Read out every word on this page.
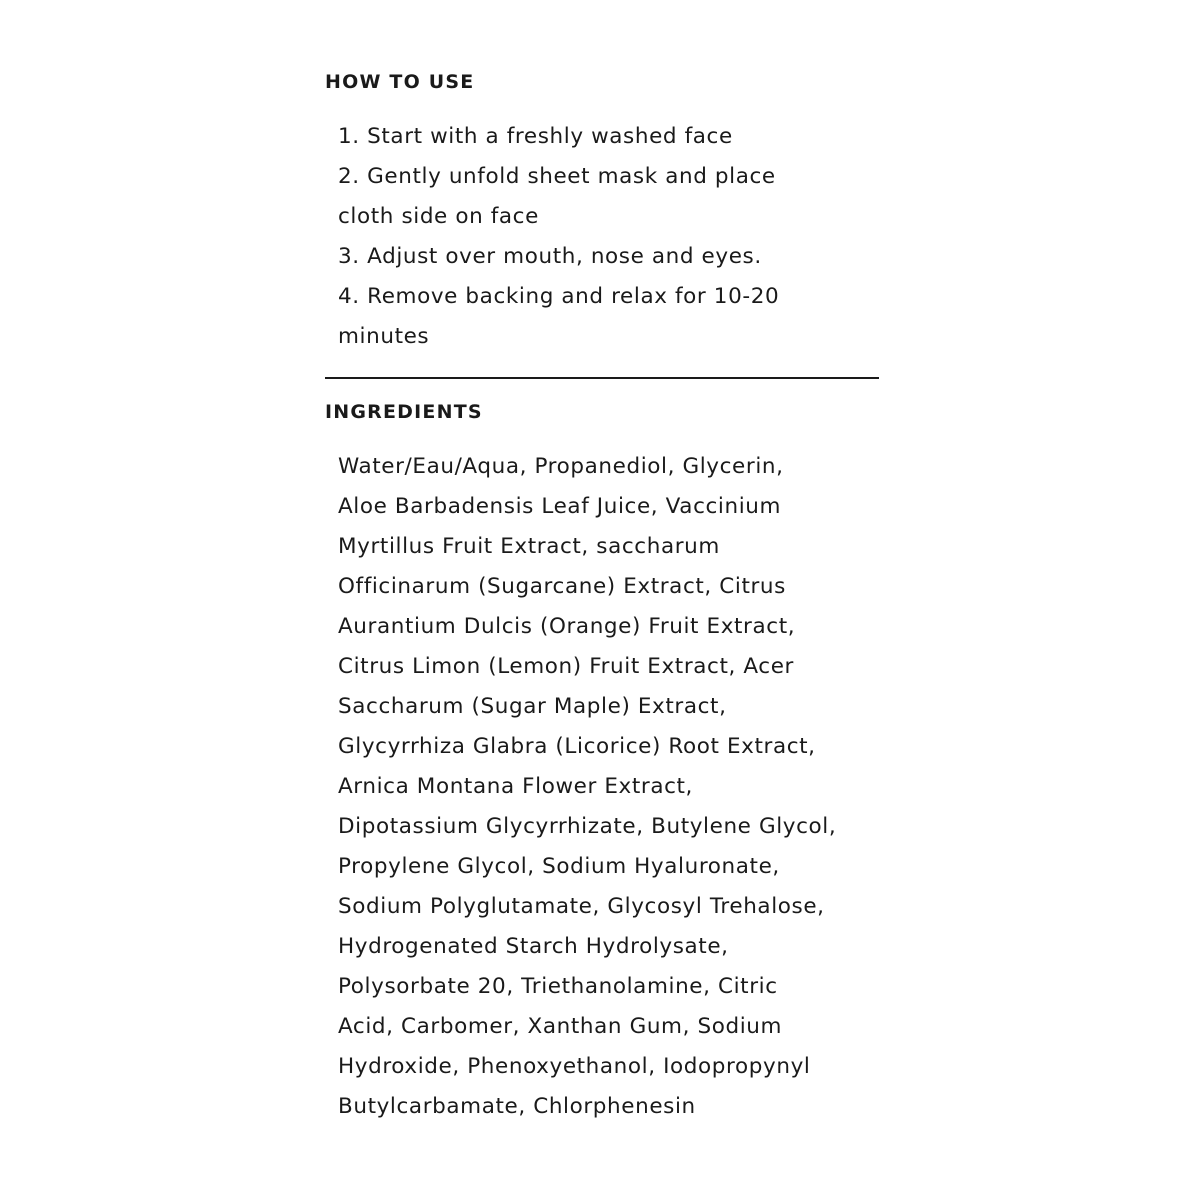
HOW TO USE
1. Start with a freshly washed face
2. Gently unfold sheet mask and place
cloth side on face
3. Adjust over mouth, nose and eyes.
4. Remove backing and relax for 10-20
minutes
INGREDIENTS
Water/Eau/Aqua, Propanediol, Glycerin,
Aloe Barbadensis Leaf Juice, Vaccinium
Myrtillus Fruit Extract, saccharum
Officinarum (Sugarcane) Extract, Citrus
Aurantium Dulcis (Orange) Fruit Extract,
Citrus Limon (Lemon) Fruit Extract, Acer
Saccharum (Sugar Maple) Extract,
Glycyrrhiza Glabra (Licorice) Root Extract,
Arnica Montana Flower Extract,
Dipotassium Glycyrrhizate, Butylene Glycol,
Propylene Glycol, Sodium Hyaluronate,
Sodium Polyglutamate, Glycosyl Trehalose,
Hydrogenated Starch Hydrolysate,
Polysorbate 20, Triethanolamine, Citric
Acid, Carbomer, Xanthan Gum, Sodium
Hydroxide, Phenoxyethanol, Iodopropynyl
Butylcarbamate, Chlorphenesin
